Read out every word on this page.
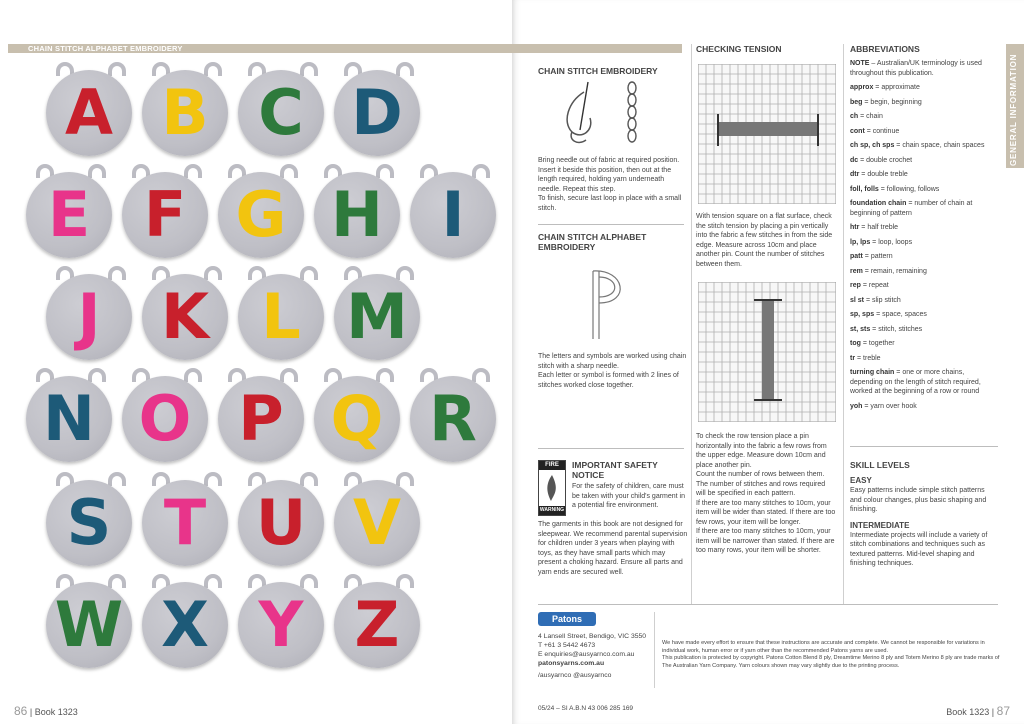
CHAIN STITCH ALPHABET EMBROIDERY
A B C D
E F G H I
J K L M
N O P Q R
S T U V
W X Y Z
86 | Book 1323
CHAIN STITCH EMBROIDERY
Bring needle out of fabric at required position. Insert it beside this position, then out at the length required, holding yarn underneath needle. Repeat this step.
To finish, secure last loop in place with a small stitch.
CHAIN STITCH ALPHABET EMBROIDERY
The letters and symbols are worked using chain stitch with a sharp needle.
Each letter or symbol is formed with 2 lines of stitches worked close together.
FIRE
WARNING
IMPORTANT SAFETY NOTICE
For the safety of children, care must be taken with your child's garment in a potential fire environment.
The garments in this book are not designed for sleepwear. We recommend parental supervision for children under 3 years when playing with toys, as they have small parts which may present a choking hazard. Ensure all parts and yarn ends are secured well.
CHECKING TENSION
With tension square on a flat surface, check the stitch tension by placing a pin vertically into the fabric a few stitches in from the side edge. Measure across 10cm and place another pin. Count the number of stitches between them.
To check the row tension place a pin horizontally into the fabric a few rows from the upper edge. Measure down 10cm and place another pin.
Count the number of rows between them.
The number of stitches and rows required will be specified in each pattern.
If there are too many stitches to 10cm, your item will be wider than stated. If there are too few rows, your item will be longer.
If there are too many stitches to 10cm, your item will be narrower than stated. If there are too many rows, your item will be shorter.
ABBREVIATIONS
NOTE – Australian/UK terminology is used throughout this publication.
approx = approximate
beg = begin, beginning
ch = chain
cont = continue
ch sp, ch sps = chain space, chain spaces
dc = double crochet
dtr = double treble
foll, folls = following, follows
foundation chain = number of chain at beginning of pattern
htr = half treble
lp, lps = loop, loops
patt = pattern
rem = remain, remaining
rep = repeat
sl st = slip stitch
sp, sps = space, spaces
st, sts = stitch, stitches
tog = together
tr = treble
turning chain = one or more chains, depending on the length of stitch required, worked at the beginning of a row or round
yoh = yarn over hook
SKILL LEVELS
EASY
Easy patterns include simple stitch patterns and colour changes, plus basic shaping and finishing.
INTERMEDIATE
Intermediate projects will include a variety of stitch combinations and techniques such as textured patterns. Mid-level shaping and finishing techniques.
GENERAL INFORMATION
Patons
4 Lansell Street, Bendigo, VIC 3550
T +61 3 5442 4673
E enquiries@ausyarnco.com.au
patonsyarns.com.au
/ausyarnco @ausyarnco
We have made every effort to ensure that these instructions are accurate and complete. We cannot be responsible for variations in individual work, human error or if yarn other than the recommended Patons yarns are used.
This publication is protected by copyright. Patons Cotton Blend 8 ply, Dreamtime Merino 8 ply and Totem Merino 8 ply are trade marks of The Australian Yarn Company. Yarn colours shown may vary slightly due to the printing process.
05/24 – SI A.B.N 43 006 285 169	Book 1323 | 87
